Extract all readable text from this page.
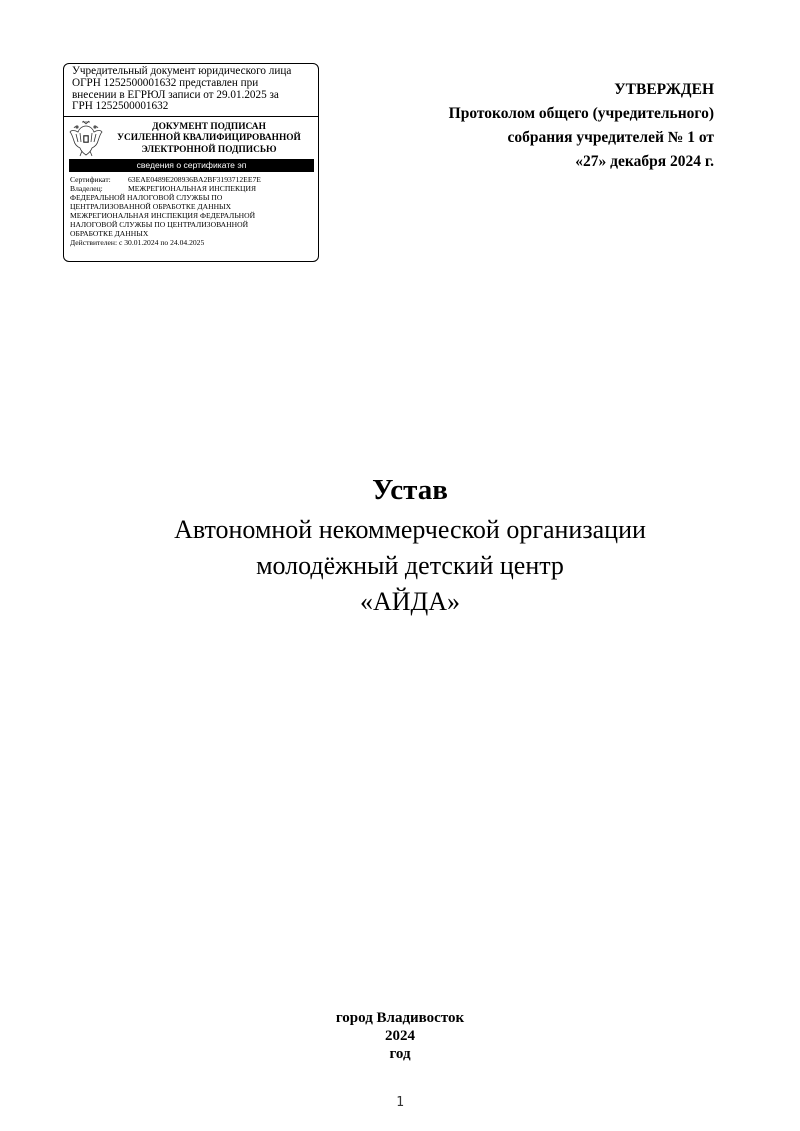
Учредительный документ юридического лица
ОГРН 1252500001632 представлен при
внесении в ЕГРЮЛ записи от 29.01.2025 за
ГРН 1252500001632
ДОКУМЕНТ ПОДПИСАН
УСИЛЕННОЙ КВАЛИФИЦИРОВАННОЙ
ЭЛЕКТРОННОЙ ПОДПИСЬЮ
сведения о сертификате эп
Сертификат: 63EAE0489E208936BA2BF3193712EE7E
Владелец:	МЕЖРЕГИОНАЛЬНАЯ ИНСПЕКЦИЯ
ФЕДЕРАЛЬНОЙ НАЛОГОВОЙ СЛУЖБЫ ПО
ЦЕНТРАЛИЗОВАННОЙ ОБРАБОТКЕ ДАННЫХ
МЕЖРЕГИОНАЛЬНАЯ ИНСПЕКЦИЯ ФЕДЕРАЛЬНОЙ
НАЛОГОВОЙ СЛУЖБЫ ПО ЦЕНТРАЛИЗОВАННОЙ
ОБРАБОТКЕ ДАННЫХ
Действителен: с 30.01.2024 по 24.04.2025
УТВЕРЖДЕН
Протоколом общего (учредительного)
собрания учредителей № 1 от
«27» декабря 2024 г.
Устав
Автономной некоммерческой организации
молодёжный детский центр
«АЙДА»
город Владивосток
2024
год
1
